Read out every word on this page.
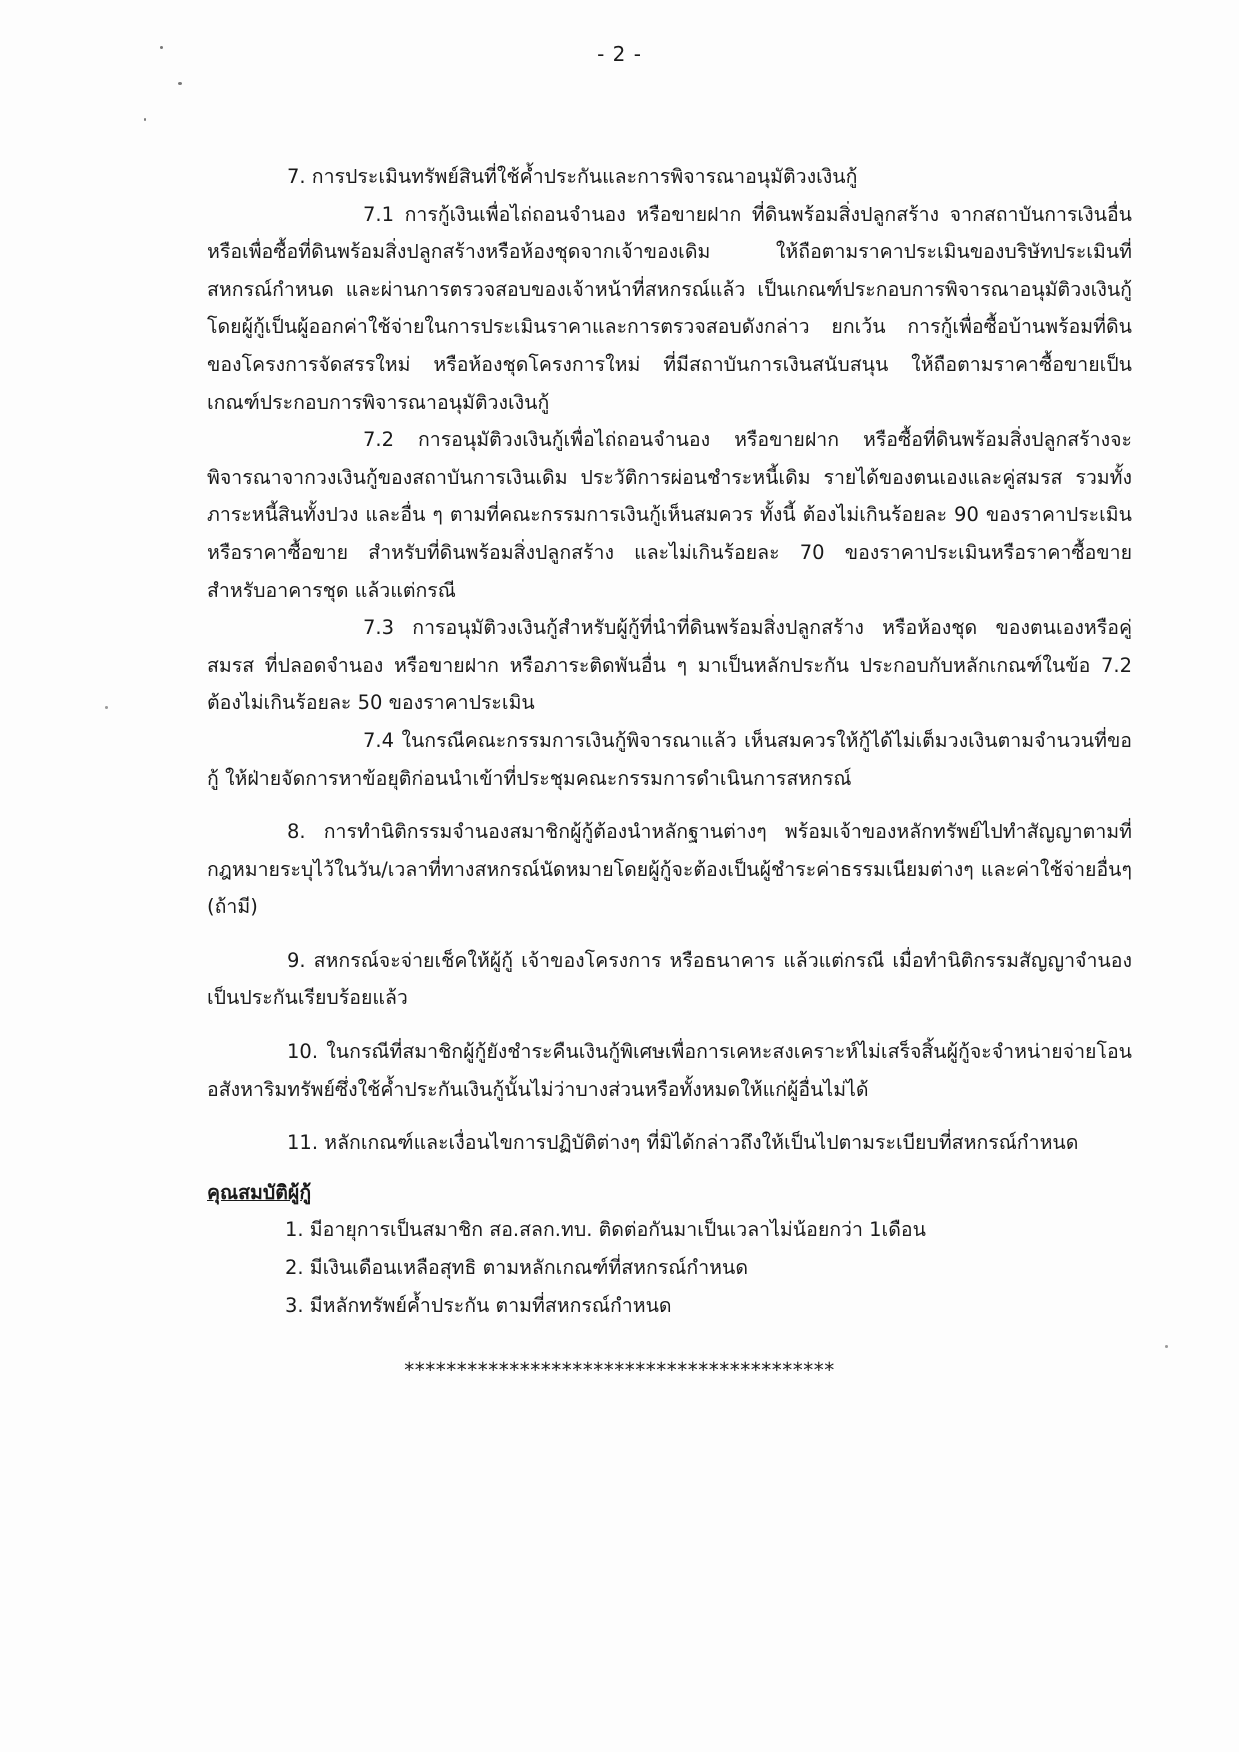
- 2 -

7. การประเมินทรัพย์สินที่ใช้ค้ำประกันและการพิจารณาอนุมัติวงเงินกู้

7.1 การกู้เงินเพื่อไถ่ถอนจำนอง หรือขายฝาก ที่ดินพร้อมสิ่งปลูกสร้าง จากสถาบันการเงินอื่น หรือเพื่อซื้อที่ดินพร้อมสิ่งปลูกสร้างหรือห้องชุดจากเจ้าของเดิม ให้ถือตามราคาประเมินของบริษัทประเมินที่สหกรณ์กำหนด และผ่านการตรวจสอบของเจ้าหน้าที่สหกรณ์แล้ว เป็นเกณฑ์ประกอบการพิจารณาอนุมัติวงเงินกู้ โดยผู้กู้เป็นผู้ออกค่าใช้จ่ายในการประเมินราคาและการตรวจสอบดังกล่าว ยกเว้น การกู้เพื่อซื้อบ้านพร้อมที่ดินของโครงการจัดสรรใหม่ หรือห้องชุดโครงการใหม่ ที่มีสถาบันการเงินสนับสนุน ให้ถือตามราคาซื้อขายเป็นเกณฑ์ประกอบการพิจารณาอนุมัติวงเงินกู้

7.2 การอนุมัติวงเงินกู้เพื่อไถ่ถอนจำนอง หรือขายฝาก หรือซื้อที่ดินพร้อมสิ่งปลูกสร้างจะพิจารณาจากวงเงินกู้ของสถาบันการเงินเดิม ประวัติการผ่อนชำระหนี้เดิม รายได้ของตนเองและคู่สมรส รวมทั้งภาระหนี้สินทั้งปวง และอื่น ๆ ตามที่คณะกรรมการเงินกู้เห็นสมควร ทั้งนี้ ต้องไม่เกินร้อยละ 90 ของราคาประเมิน หรือราคาซื้อขาย สำหรับที่ดินพร้อมสิ่งปลูกสร้าง และไม่เกินร้อยละ 70 ของราคาประเมินหรือราคาซื้อขาย สำหรับอาคารชุด แล้วแต่กรณี

7.3 การอนุมัติวงเงินกู้สำหรับผู้กู้ที่นำที่ดินพร้อมสิ่งปลูกสร้าง หรือห้องชุด ของตนเองหรือคู่สมรส ที่ปลอดจำนอง หรือขายฝาก หรือภาระติดพันอื่น ๆ มาเป็นหลักประกัน ประกอบกับหลักเกณฑ์ในข้อ 7.2 ต้องไม่เกินร้อยละ 50 ของราคาประเมิน

7.4 ในกรณีคณะกรรมการเงินกู้พิจารณาแล้ว เห็นสมควรให้กู้ได้ไม่เต็มวงเงินตามจำนวนที่ขอกู้ ให้ฝ่ายจัดการหาข้อยุติก่อนนำเข้าที่ประชุมคณะกรรมการดำเนินการสหกรณ์

8. การทำนิติกรรมจำนองสมาชิกผู้กู้ต้องนำหลักฐานต่างๆ พร้อมเจ้าของหลักทรัพย์ไปทำสัญญาตามที่กฎหมายระบุไว้ในวัน/เวลาที่ทางสหกรณ์นัดหมายโดยผู้กู้จะต้องเป็นผู้ชำระค่าธรรมเนียมต่างๆ และค่าใช้จ่ายอื่นๆ (ถ้ามี)

9. สหกรณ์จะจ่ายเช็คให้ผู้กู้ เจ้าของโครงการ หรือธนาคาร แล้วแต่กรณี เมื่อทำนิติกรรมสัญญาจำนองเป็นประกันเรียบร้อยแล้ว

10. ในกรณีที่สมาชิกผู้กู้ยังชำระคืนเงินกู้พิเศษเพื่อการเคหะสงเคราะห์ไม่เสร็จสิ้นผู้กู้จะจำหน่ายจ่ายโอนอสังหาริมทรัพย์ซึ่งใช้ค้ำประกันเงินกู้นั้นไม่ว่าบางส่วนหรือทั้งหมดให้แก่ผู้อื่นไม่ได้

11. หลักเกณฑ์และเงื่อนไขการปฏิบัติต่างๆ ที่มิได้กล่าวถึงให้เป็นไปตามระเบียบที่สหกรณ์กำหนด

คุณสมบัติผู้กู้

1. มีอายุการเป็นสมาชิก สอ.สลก.ทบ. ติดต่อกันมาเป็นเวลาไม่น้อยกว่า 1เดือน

2. มีเงินเดือนเหลือสุทธิ ตามหลักเกณฑ์ที่สหกรณ์กำหนด

3. มีหลักทรัพย์ค้ำประกัน ตามที่สหกรณ์กำหนด

*****************************************
